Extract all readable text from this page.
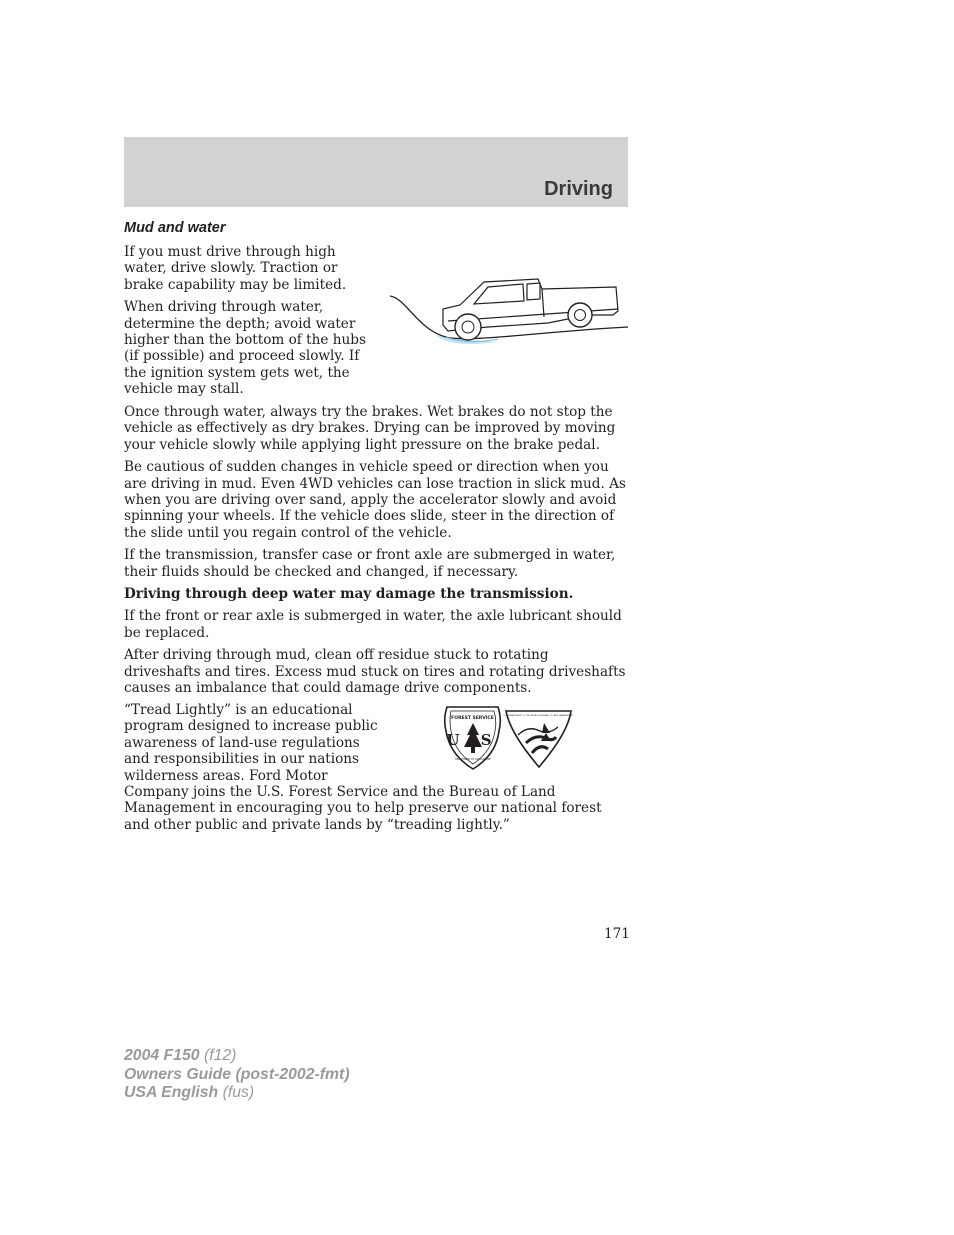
Driving
Mud and water

If you must drive through high water, drive slowly. Traction or brake capability may be limited.

When driving through water, determine the depth; avoid water higher than the bottom of the hubs (if possible) and proceed slowly. If the ignition system gets wet, the vehicle may stall.

Once through water, always try the brakes. Wet brakes do not stop the vehicle as effectively as dry brakes. Drying can be improved by moving your vehicle slowly while applying light pressure on the brake pedal.

Be cautious of sudden changes in vehicle speed or direction when you are driving in mud. Even 4WD vehicles can lose traction in slick mud. As when you are driving over sand, apply the accelerator slowly and avoid spinning your wheels. If the vehicle does slide, steer in the direction of the slide until you regain control of the vehicle.

If the transmission, transfer case or front axle are submerged in water, their fluids should be checked and changed, if necessary.

Driving through deep water may damage the transmission.

If the front or rear axle is submerged in water, the axle lubricant should be replaced.

After driving through mud, clean off residue stuck to rotating driveshafts and tires. Excess mud stuck on tires and rotating driveshafts causes an imbalance that could damage drive components.

“Tread Lightly” is an educational program designed to increase public awareness of land-use regulations and responsibilities in our nations wilderness areas. Ford Motor

Company joins the U.S. Forest Service and the Bureau of Land Management in encouraging you to help preserve our national forest and other public and private lands by “treading lightly.”

FOREST SERVICE
U S
DEPARTMENT OF AGRICULTURE
U.S. DEPARTMENT OF THE INTERIOR BUREAU OF LAND MANAGEMENT
171
2004 F150 (f12)
Owners Guide (post-2002-fmt)
USA English (fus)
